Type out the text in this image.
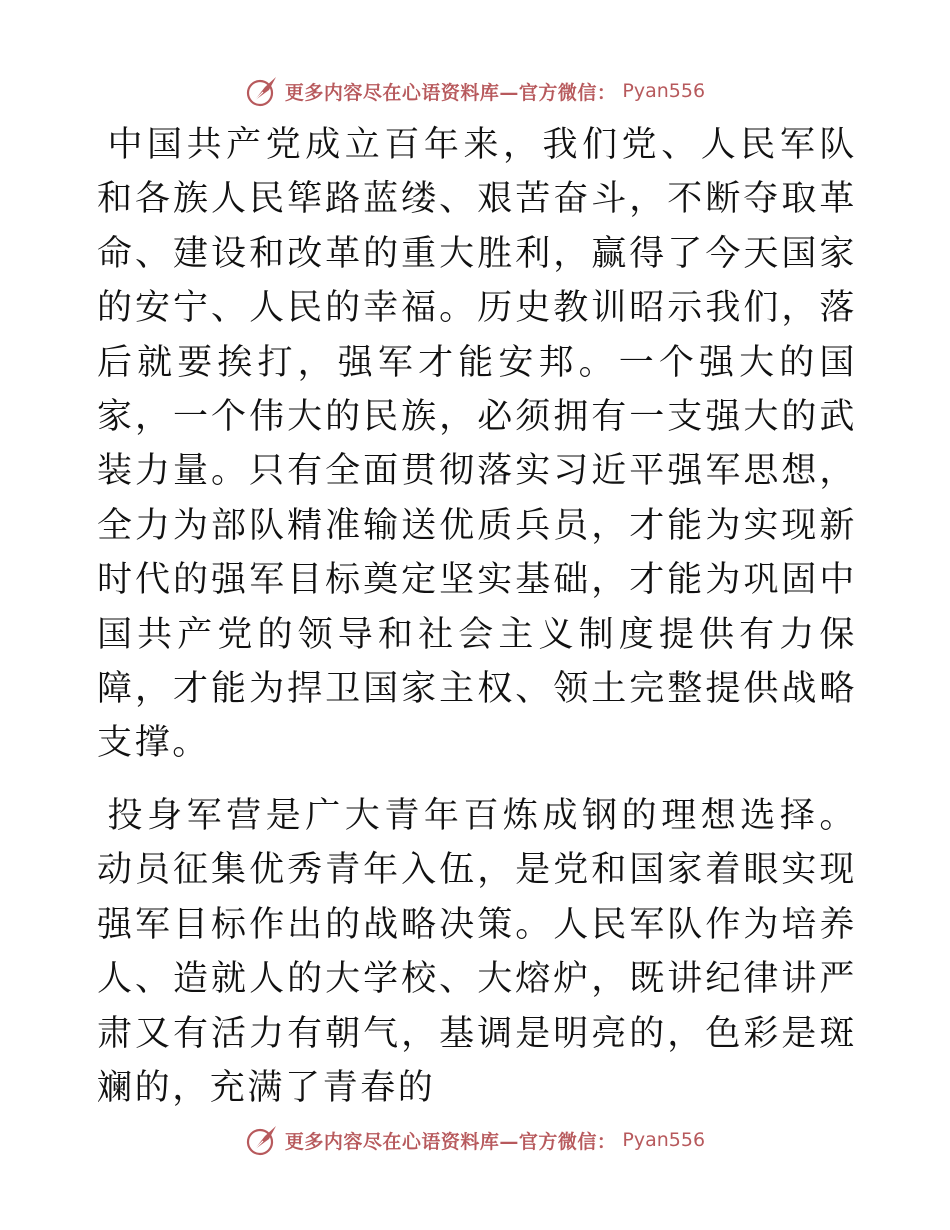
更多内容尽在心语资料库—官方微信： Pyan556

中国共产党成立百年来，我们党、人民军队和各族人民筚路蓝缕、艰苦奋斗，不断夺取革命、建设和改革的重大胜利，赢得了今天国家的安宁、人民的幸福。历史教训昭示我们，落后就要挨打，强军才能安邦。一个强大的国家，一个伟大的民族，必须拥有一支强大的武装力量。只有全面贯彻落实习近平强军思想，全力为部队精准输送优质兵员，才能为实现新时代的强军目标奠定坚实基础，才能为巩固中国共产党的领导和社会主义制度提供有力保障，才能为捍卫国家主权、领土完整提供战略支撑。

投身军营是广大青年百炼成钢的理想选择。动员征集优秀青年入伍，是党和国家着眼实现强军目标作出的战略决策。人民军队作为培养人、造就人的大学校、大熔炉，既讲纪律讲严肃又有活力有朝气，基调是明亮的，色彩是斑斓的，充满了青春的

更多内容尽在心语资料库—官方微信： Pyan556
